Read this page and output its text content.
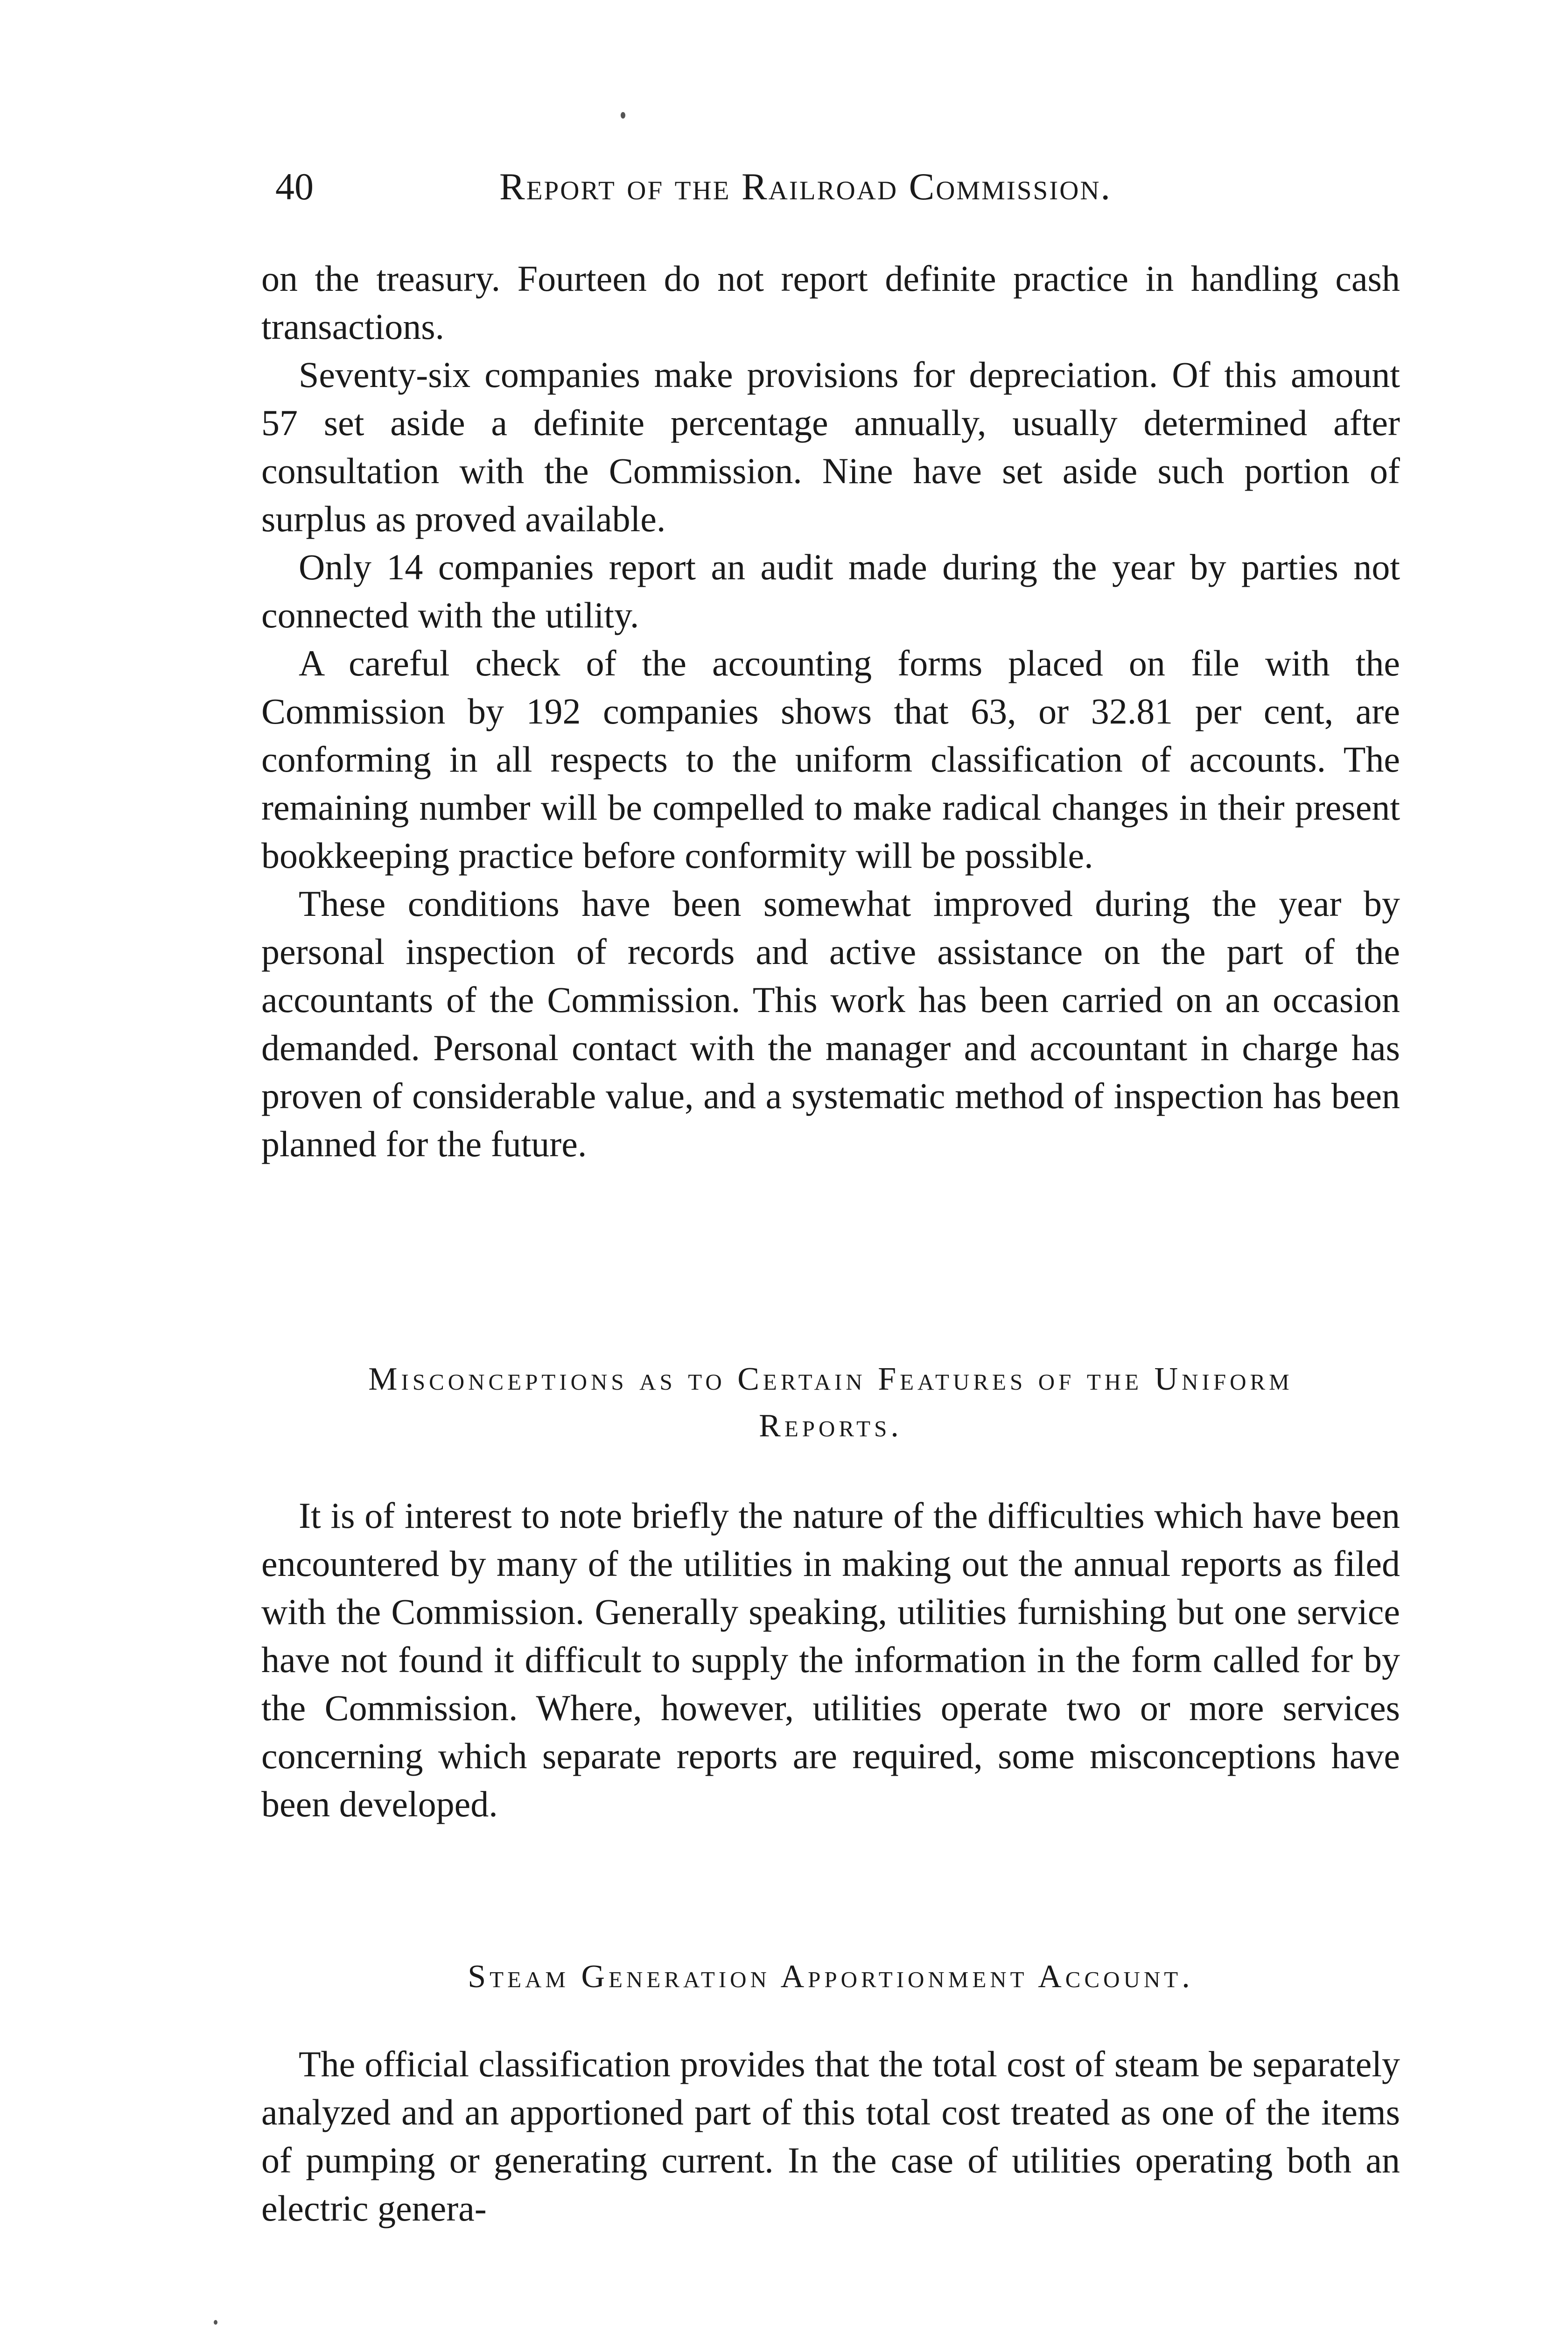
40	Report of the Railroad Commission.

on the treasury. Fourteen do not report definite practice in handling cash transactions.

Seventy-six companies make provisions for depreciation. Of this amount 57 set aside a definite percentage annually, usually determined after consultation with the Commission. Nine have set aside such portion of surplus as proved available.

Only 14 companies report an audit made during the year by parties not connected with the utility.

A careful check of the accounting forms placed on file with the Commission by 192 companies shows that 63, or 32.81 per cent, are conforming in all respects to the uniform classification of accounts. The remaining number will be compelled to make radical changes in their present bookkeeping practice before conformity will be possible.

These conditions have been somewhat improved during the year by personal inspection of records and active assistance on the part of the accountants of the Commission. This work has been carried on an occasion demanded. Personal contact with the manager and accountant in charge has proven of considerable value, and a systematic method of inspection has been planned for the future.

Misconceptions as to Certain Features of the Uniform
Reports.

It is of interest to note briefly the nature of the difficulties which have been encountered by many of the utilities in making out the annual reports as filed with the Commission. Generally speaking, utilities furnishing but one service have not found it difficult to supply the information in the form called for by the Commission. Where, however, utilities operate two or more services concerning which separate reports are required, some misconceptions have been developed.

Steam Generation Apportionment Account.

The official classification provides that the total cost of steam be separately analyzed and an apportioned part of this total cost treated as one of the items of pumping or generating current. In the case of utilities operating both an electric genera-
